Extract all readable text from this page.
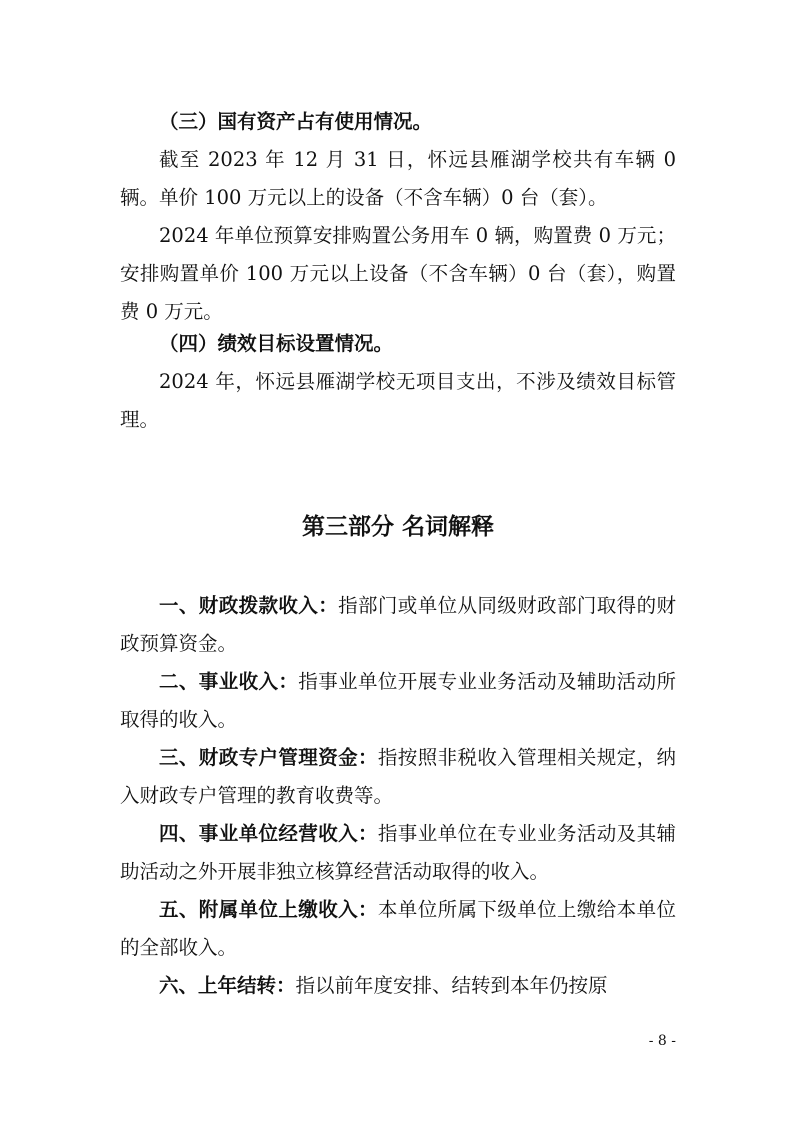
（三）国有资产占有使用情况。

截至 2023 年 12 月 31 日，怀远县雁湖学校共有车辆 0 辆。单价 100 万元以上的设备（不含车辆）0 台（套）。

2024 年单位预算安排购置公务用车 0 辆，购置费 0 万元；安排购置单价 100 万元以上设备（不含车辆）0 台（套），购置费 0 万元。

（四）绩效目标设置情况。

2024 年，怀远县雁湖学校无项目支出，不涉及绩效目标管理。

第三部分 名词解释

一、财政拨款收入：指部门或单位从同级财政部门取得的财政预算资金。

二、事业收入：指事业单位开展专业业务活动及辅助活动所取得的收入。

三、财政专户管理资金：指按照非税收入管理相关规定，纳入财政专户管理的教育收费等。

四、事业单位经营收入：指事业单位在专业业务活动及其辅助活动之外开展非独立核算经营活动取得的收入。

五、附属单位上缴收入：本单位所属下级单位上缴给本单位的全部收入。

六、上年结转：指以前年度安排、结转到本年仍按原

- 8 -
